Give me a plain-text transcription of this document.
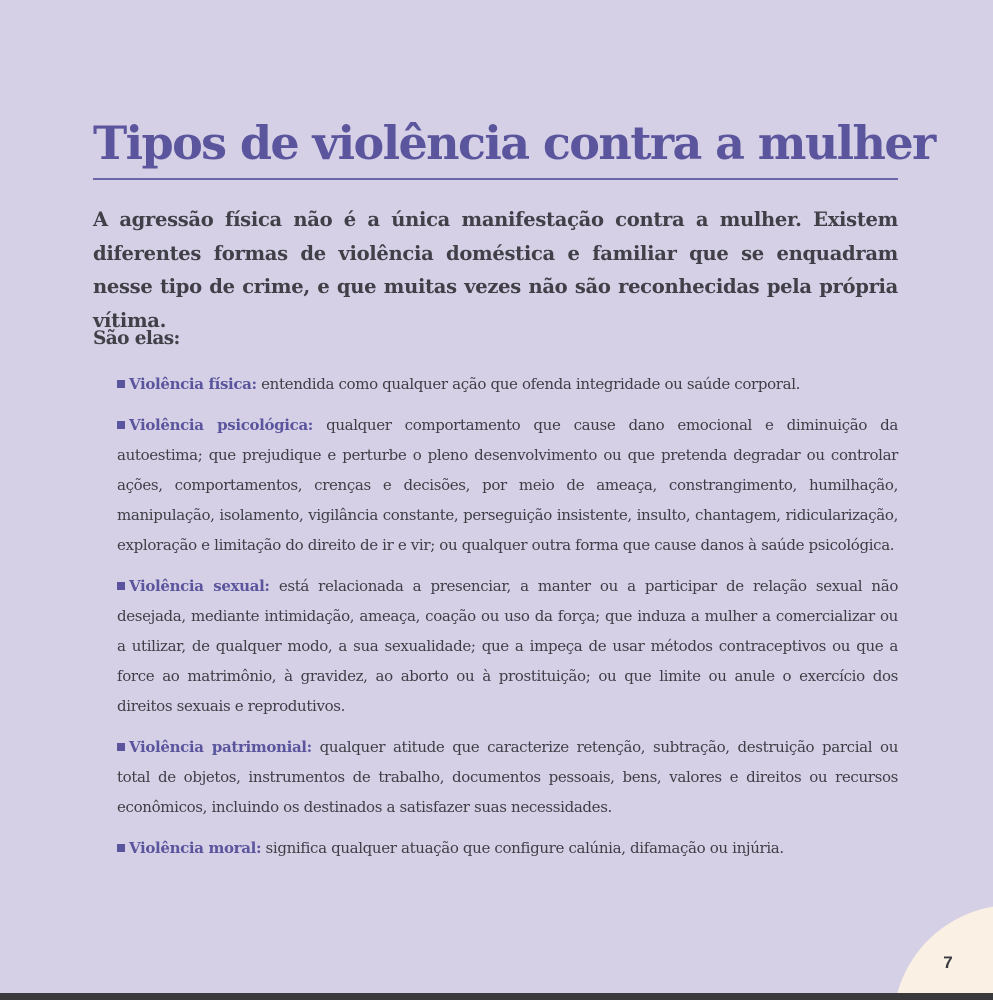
Tipos de violência contra a mulher

A agressão física não é a única manifestação contra a mulher. Existem diferentes formas de violência doméstica e familiar que se enquadram nesse tipo de crime, e que muitas vezes não são reconhecidas pela própria vítima.

São elas:

Violência física: entendida como qualquer ação que ofenda integridade ou saúde corporal.

Violência psicológica: qualquer comportamento que cause dano emocional e diminuição da autoestima; que prejudique e perturbe o pleno desenvolvimento ou que pretenda degradar ou controlar ações, comportamentos, crenças e decisões, por meio de ameaça, constrangimento, humilhação, manipulação, isolamento, vigilância constante, perseguição insistente, insulto, chantagem, ridicularização, exploração e limitação do direito de ir e vir; ou qualquer outra forma que cause danos à saúde psicológica.

Violência sexual: está relacionada a presenciar, a manter ou a participar de relação sexual não desejada, mediante intimidação, ameaça, coação ou uso da força; que induza a mulher a comercializar ou a utilizar, de qualquer modo, a sua sexualidade; que a impeça de usar métodos contraceptivos ou que a force ao matrimônio, à gravidez, ao aborto ou à prostituição; ou que limite ou anule o exercício dos direitos sexuais e reprodutivos.

Violência patrimonial: qualquer atitude que caracterize retenção, subtração, destruição parcial ou total de objetos, instrumentos de trabalho, documentos pessoais, bens, valores e direitos ou recursos econômicos, incluindo os destinados a satisfazer suas necessidades.

Violência moral: significa qualquer atuação que configure calúnia, difamação ou injúria.

7
